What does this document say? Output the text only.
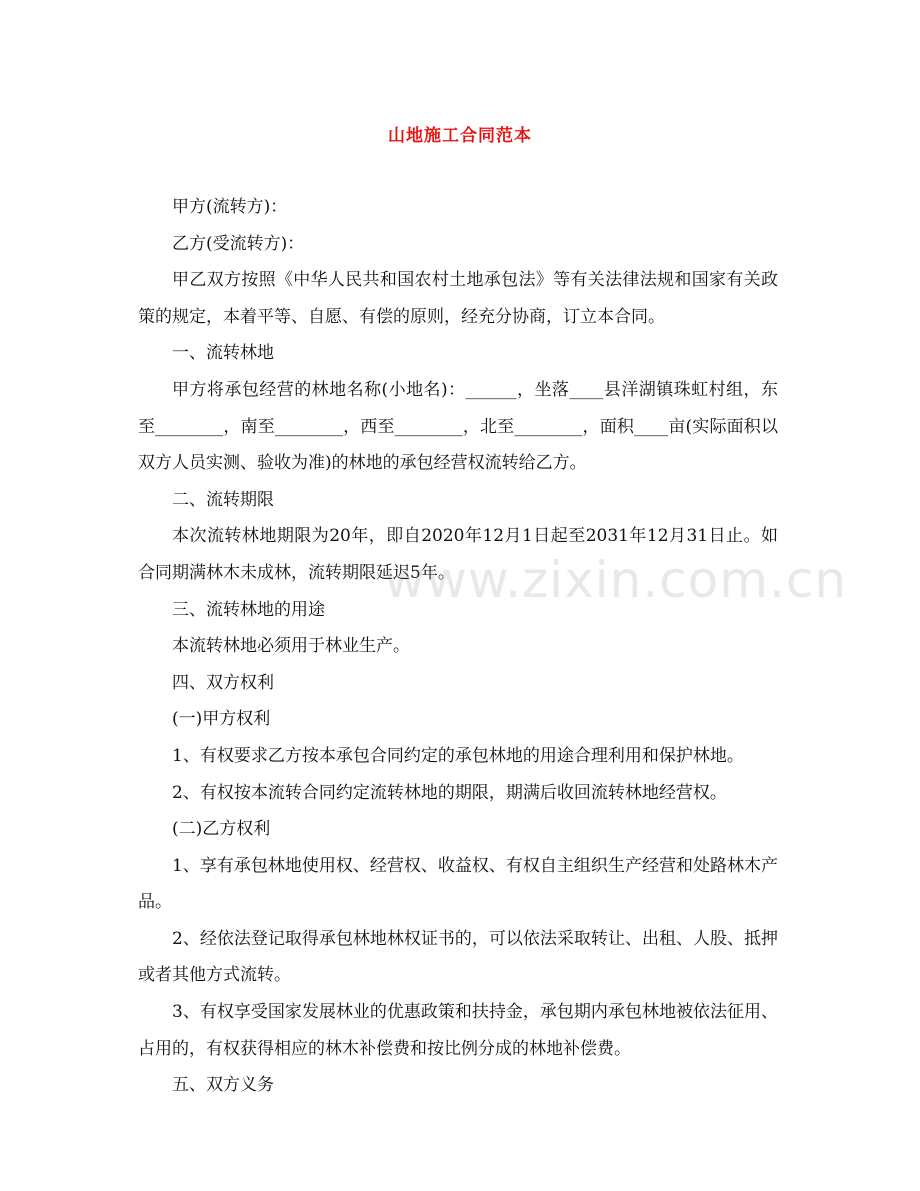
山地施工合同范本

甲方(流转方)：

乙方(受流转方)：

甲乙双方按照《中华人民共和国农村土地承包法》等有关法律法规和国家有关政策的规定，本着平等、自愿、有偿的原则，经充分协商，订立本合同。

一、流转林地

甲方将承包经营的林地名称(小地名)：______，坐落____县洋湖镇珠虹村组，东至________，南至________，西至________，北至________，面积____亩(实际面积以双方人员实测、验收为准)的林地的承包经营权流转给乙方。

二、流转期限

本次流转林地期限为20年，即自2020年12月1日起至2031年12月31日止。如合同期满林木未成林，流转期限延迟5年。

三、流转林地的用途

本流转林地必须用于林业生产。

四、双方权利

(一)甲方权利

1、有权要求乙方按本承包合同约定的承包林地的用途合理利用和保护林地。

2、有权按本流转合同约定流转林地的期限，期满后收回流转林地经营权。

(二)乙方权利

1、享有承包林地使用权、经营权、收益权、有权自主组织生产经营和处路林木产品。

2、经依法登记取得承包林地林权证书的，可以依法采取转让、出租、人股、抵押或者其他方式流转。

3、有权享受国家发展林业的优惠政策和扶持金，承包期内承包林地被依法征用、占用的，有权获得相应的林木补偿费和按比例分成的林地补偿费。

五、双方义务

www.zixin.com.cn
